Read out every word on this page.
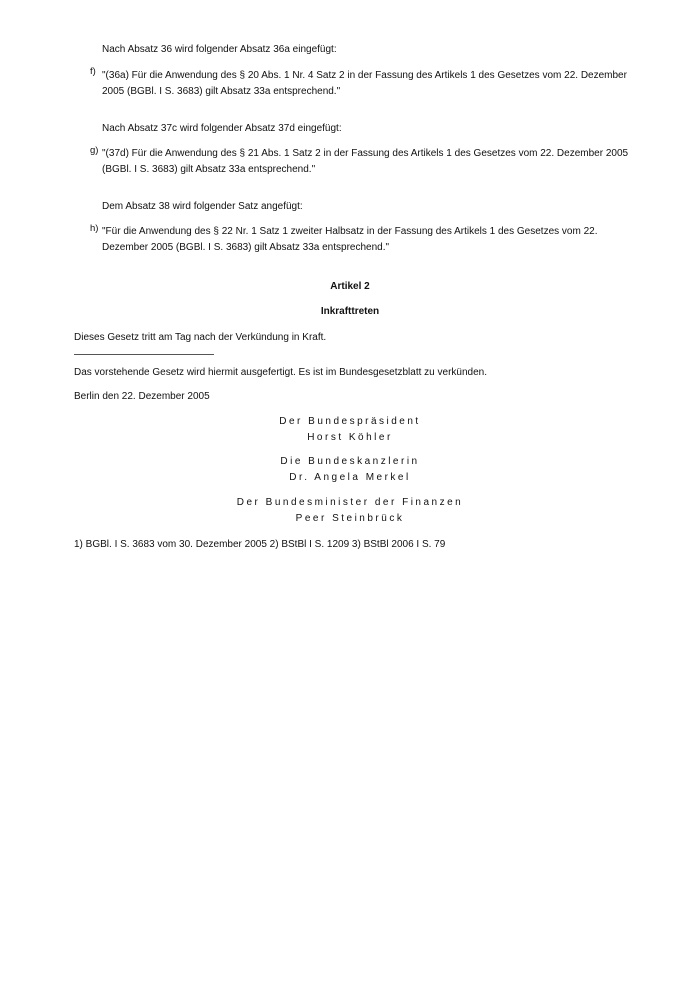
Nach Absatz 36 wird folgender Absatz 36a eingefügt:
f) "(36a) Für die Anwendung des § 20 Abs. 1 Nr. 4 Satz 2 in der Fassung des Artikels 1 des Gesetzes vom 22. Dezember 2005 (BGBl. I S. 3683) gilt Absatz 33a entsprechend."
Nach Absatz 37c wird folgender Absatz 37d eingefügt:
g) "(37d) Für die Anwendung des § 21 Abs. 1 Satz 2 in der Fassung des Artikels 1 des Gesetzes vom 22. Dezember 2005 (BGBl. I S. 3683) gilt Absatz 33a entsprechend."
Dem Absatz 38 wird folgender Satz angefügt:
h) "Für die Anwendung des § 22 Nr. 1 Satz 1 zweiter Halbsatz in der Fassung des Artikels 1 des Gesetzes vom 22. Dezember 2005 (BGBl. I S. 3683) gilt Absatz 33a entsprechend."
Artikel 2
Inkrafttreten
Dieses Gesetz tritt am Tag nach der Verkündung in Kraft.
Das vorstehende Gesetz wird hiermit ausgefertigt. Es ist im Bundesgesetzblatt zu verkünden.
Berlin den 22. Dezember 2005
Der Bundespräsident
Horst Köhler
Die Bundeskanzlerin
Dr. Angela Merkel
Der Bundesminister der Finanzen
Peer Steinbrück
1) BGBl. I S. 3683 vom 30. Dezember 2005 2) BStBl I S. 1209 3) BStBl 2006 I S. 79
